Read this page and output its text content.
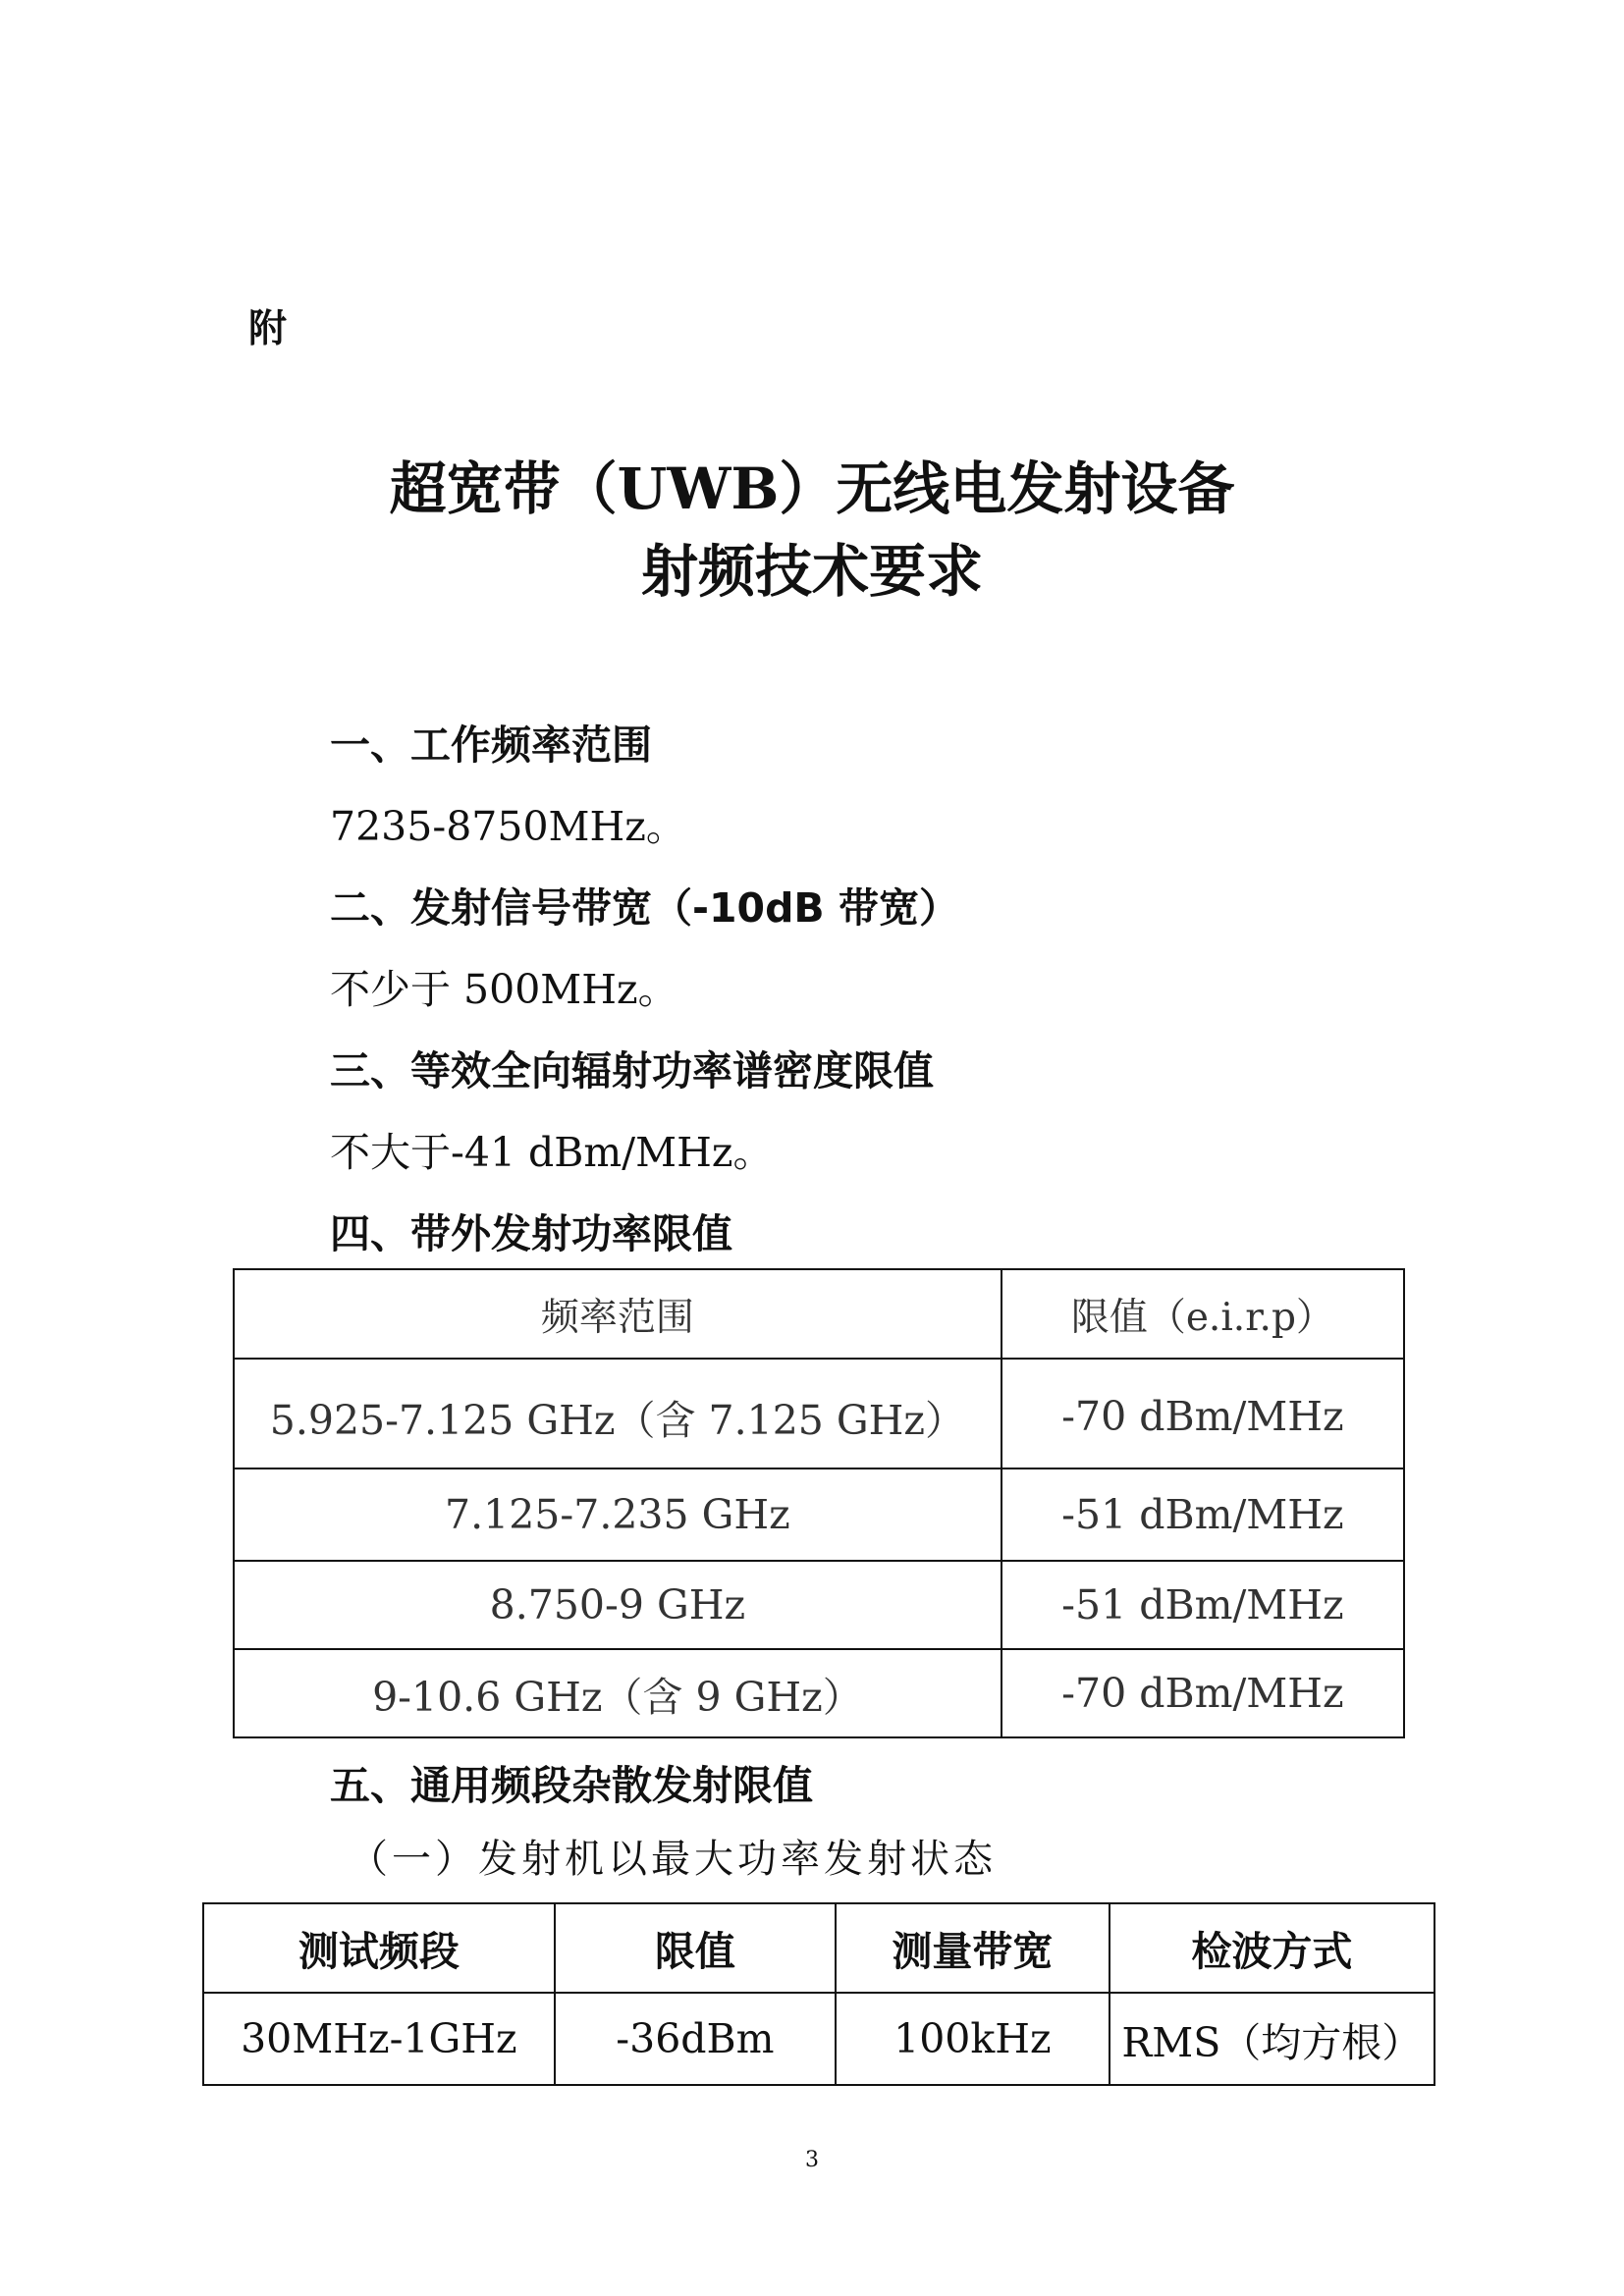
附
超宽带（UWB）无线电发射设备
射频技术要求
一、工作频率范围
7235-8750MHz。
二、发射信号带宽（-10dB 带宽）
不少于 500MHz。
三、等效全向辐射功率谱密度限值
不大于-41 dBm/MHz。
四、带外发射功率限值
频率范围	限值（e.i.r.p）
5.925-7.125 GHz（含 7.125 GHz）	-70 dBm/MHz
7.125-7.235 GHz	-51 dBm/MHz
8.750-9 GHz	-51 dBm/MHz
9-10.6 GHz（含 9 GHz）	-70 dBm/MHz
五、通用频段杂散发射限值
（一）发射机以最大功率发射状态
测试频段	限值	测量带宽	检波方式
30MHz-1GHz	-36dBm	100kHz	RMS（均方根）
3
